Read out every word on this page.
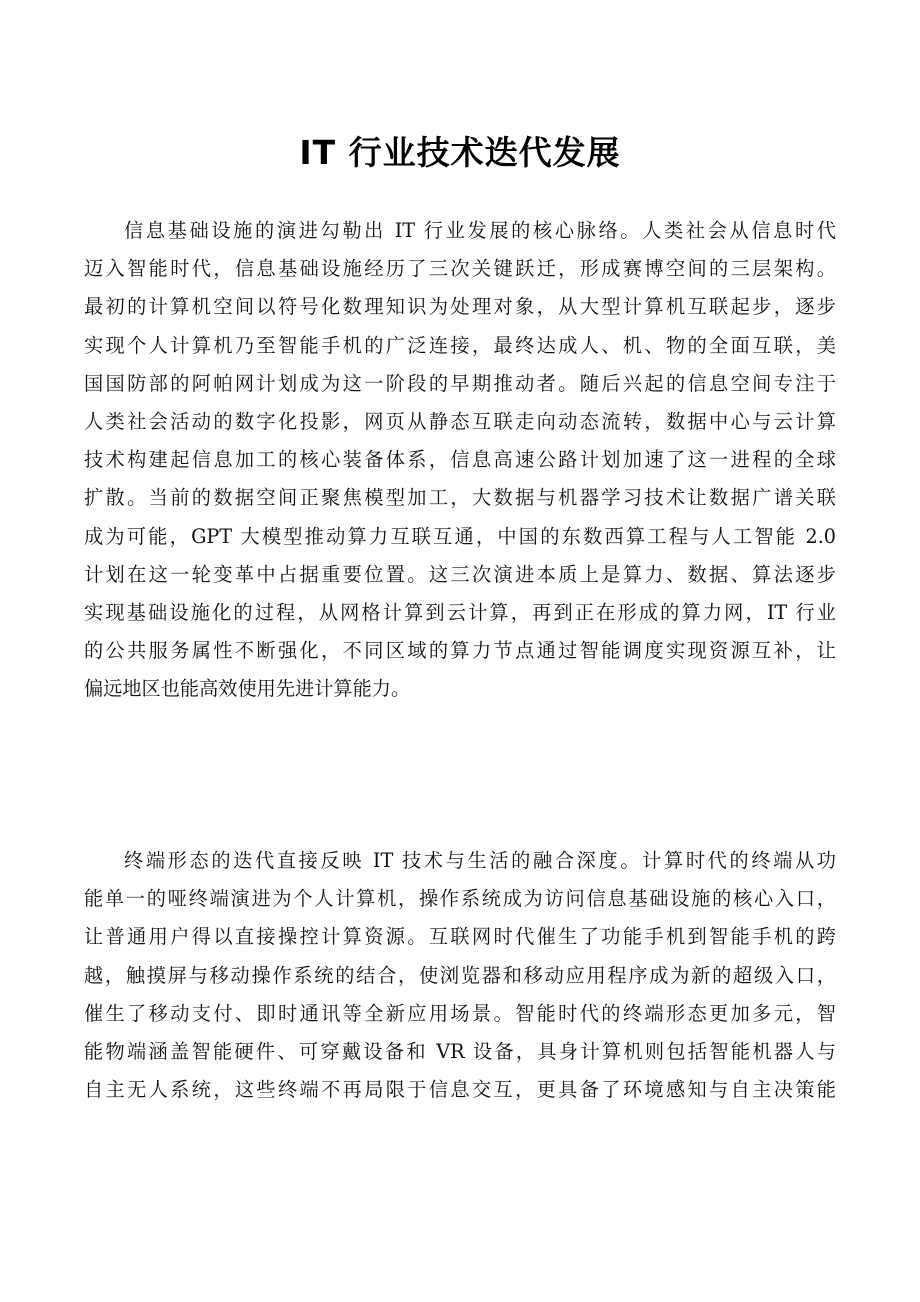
IT 行业技术迭代发展
信息基础设施的演进勾勒出 IT 行业发展的核心脉络。人类社会从信息时代
迈入智能时代，信息基础设施经历了三次关键跃迁，形成赛博空间的三层架构。
最初的计算机空间以符号化数理知识为处理对象，从大型计算机互联起步，逐步
实现个人计算机乃至智能手机的广泛连接，最终达成人、机、物的全面互联，美
国国防部的阿帕网计划成为这一阶段的早期推动者。随后兴起的信息空间专注于
人类社会活动的数字化投影，网页从静态互联走向动态流转，数据中心与云计算
技术构建起信息加工的核心装备体系，信息高速公路计划加速了这一进程的全球
扩散。当前的数据空间正聚焦模型加工，大数据与机器学习技术让数据广谱关联
成为可能，GPT 大模型推动算力互联互通，中国的东数西算工程与人工智能 2.0
计划在这一轮变革中占据重要位置。这三次演进本质上是算力、数据、算法逐步
实现基础设施化的过程，从网格计算到云计算，再到正在形成的算力网，IT 行业
的公共服务属性不断强化，不同区域的算力节点通过智能调度实现资源互补，让
偏远地区也能高效使用先进计算能力。
终端形态的迭代直接反映 IT 技术与生活的融合深度。计算时代的终端从功
能单一的哑终端演进为个人计算机，操作系统成为访问信息基础设施的核心入口，
让普通用户得以直接操控计算资源。互联网时代催生了功能手机到智能手机的跨
越，触摸屏与移动操作系统的结合，使浏览器和移动应用程序成为新的超级入口，
催生了移动支付、即时通讯等全新应用场景。智能时代的终端形态更加多元，智
能物端涵盖智能硬件、可穿戴设备和 VR 设备，具身计算机则包括智能机器人与
自主无人系统，这些终端不再局限于信息交互，更具备了环境感知与自主决策能
